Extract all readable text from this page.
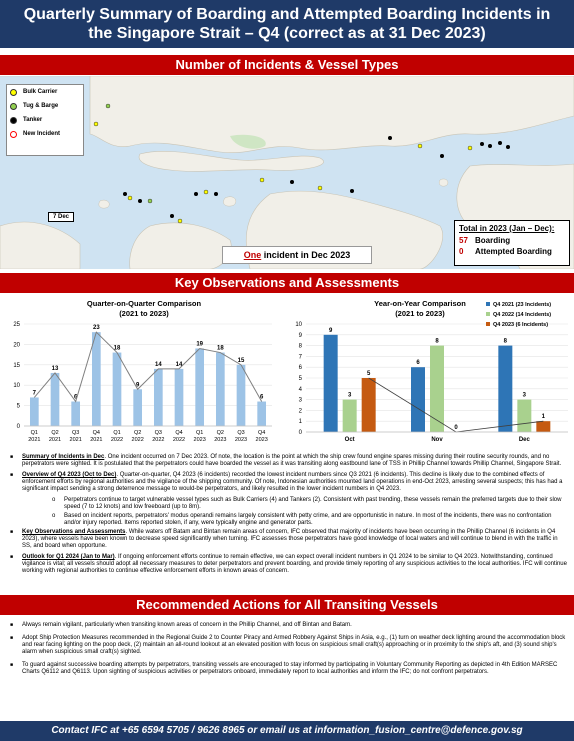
Quarterly Summary of Boarding and Attempted Boarding Incidents in
the Singapore Strait – Q4 (correct as at 31 Dec 2023)
Number of Incidents & Vessel Types
Bulk Carrier
Tug & Barge
Tanker
New Incident
7 Dec
One incident in Dec 2023
Total in 2023 (Jan – Dec):
57 Boarding
0	Attempted Boarding
Key Observations and Assessments
Quarter-on-Quarter Comparison
(2021 to 2023)
0
5
10
15
20
25
7
Q1
2021
13
Q2
2021
6
Q3
2021
23
Q4
2021
18
Q1
2022
9
Q2
2022
14
Q3
2022
14
Q4
2022
19
Q1
2023
18
Q2
2023
15
Q3
2023
6
Q4
2023
Year-on-Year Comparison
(2021 to 2023)
0
1
2
3
4
5
6
7
8
9
10
9
3
5
Oct
6
8
0
Nov
8
3
1
Dec
Q4 2021 (23 Incidents)
Q4 2022 (14 Incidents)
Q4 2023 (6 Incidents)
■ Summary of Incidents in Dec. One incident occurred on 7 Dec 2023. Of note, the location is the point at which the ship crew found engine spares missing during their routine security rounds, and no perpetrators were sighted. It is postulated that the perpetrators could have boarded the vessel as it was transiting along eastbound lane of TSS in Phillip Channel towards Phillip Channel, Singapore Strait.
■ Overview of Q4 2023 (Oct to Dec). Quarter-on-quarter, Q4 2023 (6 incidents) recorded the lowest incident numbers since Q3 2021 (6 incidents). This decline is likely due to the combined effects of enforcement efforts by regional authorities and the vigilance of the shipping community. Of note, Indonesian authorities mounted land operations in end-Oct 2023, arresting several suspects; this has had a significant impact sending a strong deterrence message to would-be perpetrators, and likely resulted in the lower incident numbers in Q4 2023.
o Perpetrators continue to target vulnerable vessel types such as Bulk Carriers (4) and Tankers (2). Consistent with past trending, these vessels remain the preferred targets due to their slow speed (7 to 12 knots) and low freeboard (up to 8m).
o Based on incident reports, perpetrators' modus operandi remains largely consistent with petty crime, and are opportunistic in nature. In most of the incidents, there was no confrontation and/or injury reported. Items reported stolen, if any, were typically engine and generator parts.
■ Key Observations and Assessments. While waters off Batam and Bintan remain areas of concern, IFC observed that majority of incidents have been occurring in the Phillip Channel (6 incidents in Q4 2023), where vessels have been known to decrease speed significantly when turning. IFC assesses those perpetrators have good knowledge of local waters and will continue to blend in with the traffic in SS, and board when opportune.
■ Outlook for Q1 2024 (Jan to Mar). If ongoing enforcement efforts continue to remain effective, we can expect overall incident numbers in Q1 2024 to be similar to Q4 2023. Notwithstanding, continued vigilance is vital; all vessels should adopt all necessary measures to deter perpetrators and prevent boarding, and provide timely reporting of any suspicious activities to the local authorities. IFC will continue working with regional authorities to continue effective enforcement efforts in known areas of concern.
Recommended Actions for All Transiting Vessels
■ Always remain vigilant, particularly when transiting known areas of concern in the Phillip Channel, and off Bintan and Batam.
■ Adopt Ship Protection Measures recommended in the Regional Guide 2 to Counter Piracy and Armed Robbery Against Ships in Asia, e.g., (1) turn on weather deck lighting around the accommodation block and rear facing lighting on the poop deck, (2) maintain an all-round lookout at an elevated position with focus on suspicious small craft(s) approaching or in proximity to the ship's aft, and (3) sound ship's alarm when suspicious small craft(s) sighted.
■ To guard against successive boarding attempts by perpetrators, transiting vessels are encouraged to stay informed by participating in Voluntary Community Reporting as depicted in 4th Edition MARSEC Charts Q6112 and Q6113. Upon sighting of suspicious activities or perpetrators onboard, immediately report to local authorities and inform the IFC; do not confront perpetrators.
Contact IFC at +65 6594 5705 / 9626 8965 or email us at information_fusion_centre@defence.gov.sg
